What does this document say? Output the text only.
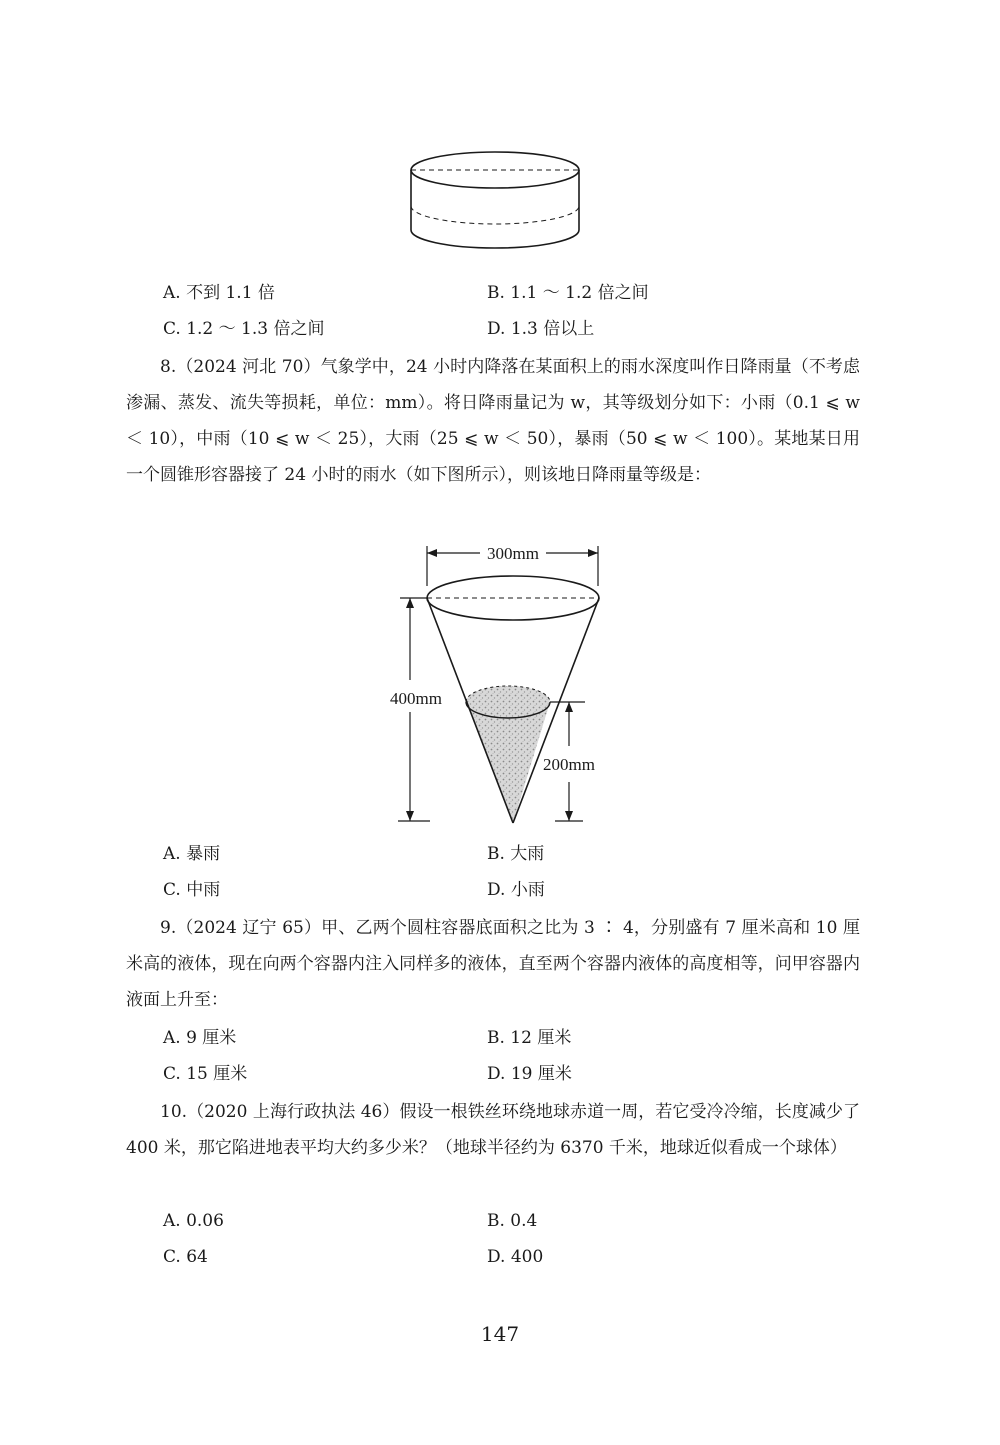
A. 不到 1.1 倍	B. 1.1 ～ 1.2 倍之间
C. 1.2 ～ 1.3 倍之间	D. 1.3 倍以上
8.（2024 河北 70）气象学中，24 小时内降落在某面积上的雨水深度叫作日降雨量（不考虑渗漏、蒸发、流失等损耗，单位：mm）。将日降雨量记为 w，其等级划分如下：小雨（0.1 ⩽ w ＜ 10），中雨（10 ⩽ w ＜ 25），大雨（25 ⩽ w ＜ 50），暴雨（50 ⩽ w ＜ 100）。某地某日用一个圆锥形容器接了 24 小时的雨水（如下图所示），则该地日降雨量等级是：
300mm
400mm
200mm
A. 暴雨	B. 大雨
C. 中雨	D. 小雨
9.（2024 辽宁 65）甲、乙两个圆柱容器底面积之比为 3 ∶ 4，分别盛有 7 厘米高和 10 厘米高的液体，现在向两个容器内注入同样多的液体，直至两个容器内液体的高度相等，问甲容器内液面上升至：
A. 9 厘米	B. 12 厘米
C. 15 厘米	D. 19 厘米
10.（2020 上海行政执法 46）假设一根铁丝环绕地球赤道一周，若它受冷冷缩，长度减少了 400 米，那它陷进地表平均大约多少米？（地球半径约为 6370 千米，地球近似看成一个球体）
A. 0.06	B. 0.4
C. 64	D. 400
147
